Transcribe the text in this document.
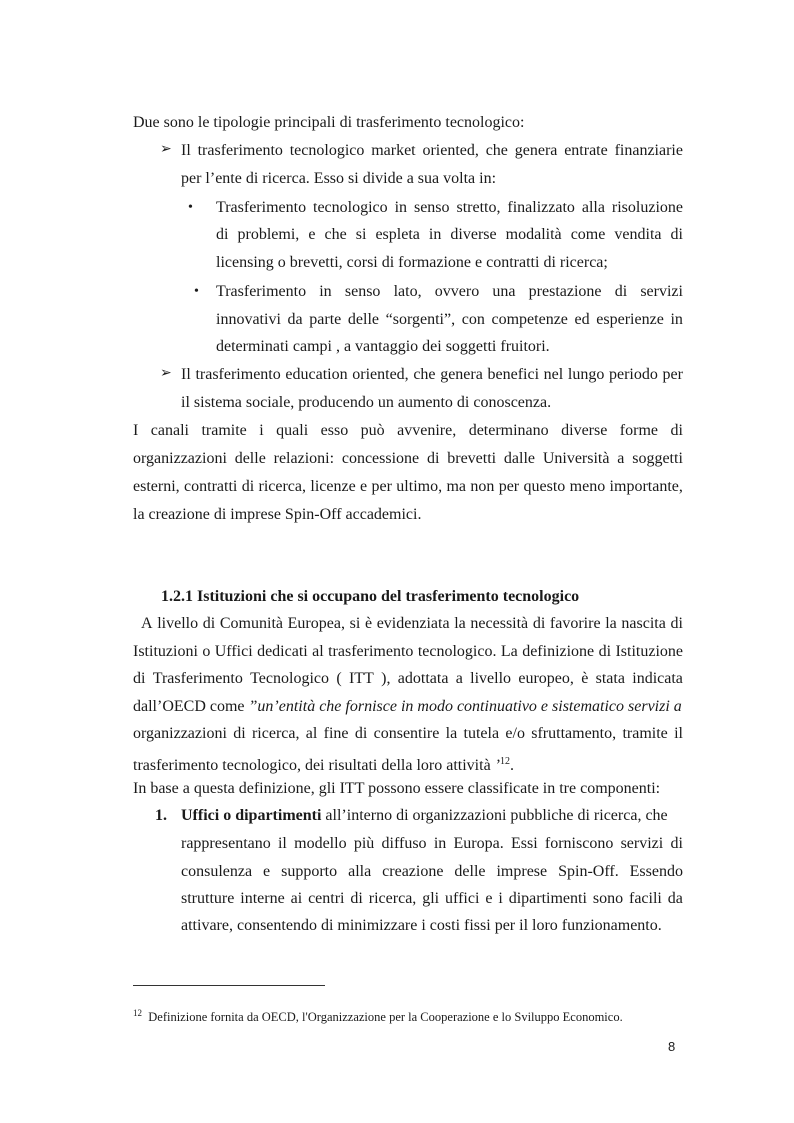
Due sono le tipologie principali di trasferimento tecnologico:

➢ Il trasferimento tecnologico market oriented, che genera entrate finanziarie

per l’ente di ricerca. Esso si divide a sua volta in:

• Trasferimento tecnologico in senso stretto, finalizzato alla risoluzione

di problemi, e che si espleta in diverse modalità come vendita di

licensing o brevetti, corsi di formazione e contratti di ricerca;

• Trasferimento in senso lato, ovvero una prestazione di servizi

innovativi da parte delle “sorgenti”, con competenze ed esperienze in

determinati campi , a vantaggio dei soggetti fruitori.

➢ Il trasferimento education oriented, che genera benefici nel lungo periodo per

il sistema sociale, producendo un aumento di conoscenza.

I canali tramite i quali esso può avvenire, determinano diverse forme di

organizzazioni delle relazioni: concessione di brevetti dalle Università a soggetti

esterni, contratti di ricerca, licenze e per ultimo, ma non per questo meno importante,

la creazione di imprese Spin-Off accademici.

1.2.1 Istituzioni che si occupano del trasferimento tecnologico

A livello di Comunità Europea, si è evidenziata la necessità di favorire la nascita di

Istituzioni o Uffici dedicati al trasferimento tecnologico. La definizione di Istituzione

di Trasferimento Tecnologico ( ITT ), adottata a livello europeo, è stata indicata

dall’OECD come ”un’entità che fornisce in modo continuativo e sistematico servizi a

organizzazioni di ricerca, al fine di consentire la tutela e/o sfruttamento, tramite il

trasferimento tecnologico, dei risultati della loro attività ’$^{12}$.

In base a questa definizione, gli ITT possono essere classificate in tre componenti:

1. Uffici o dipartimenti all’interno di organizzazioni pubbliche di ricerca, che

rappresentano il modello più diffuso in Europa. Essi forniscono servizi di

consulenza e supporto alla creazione delle imprese Spin-Off. Essendo

strutture interne ai centri di ricerca, gli uffici e i dipartimenti sono facili da

attivare, consentendo di minimizzare i costi fissi per il loro funzionamento.

$^{12}$ Definizione fornita da OECD, l'Organizzazione per la Cooperazione e lo Sviluppo Economico.

8
